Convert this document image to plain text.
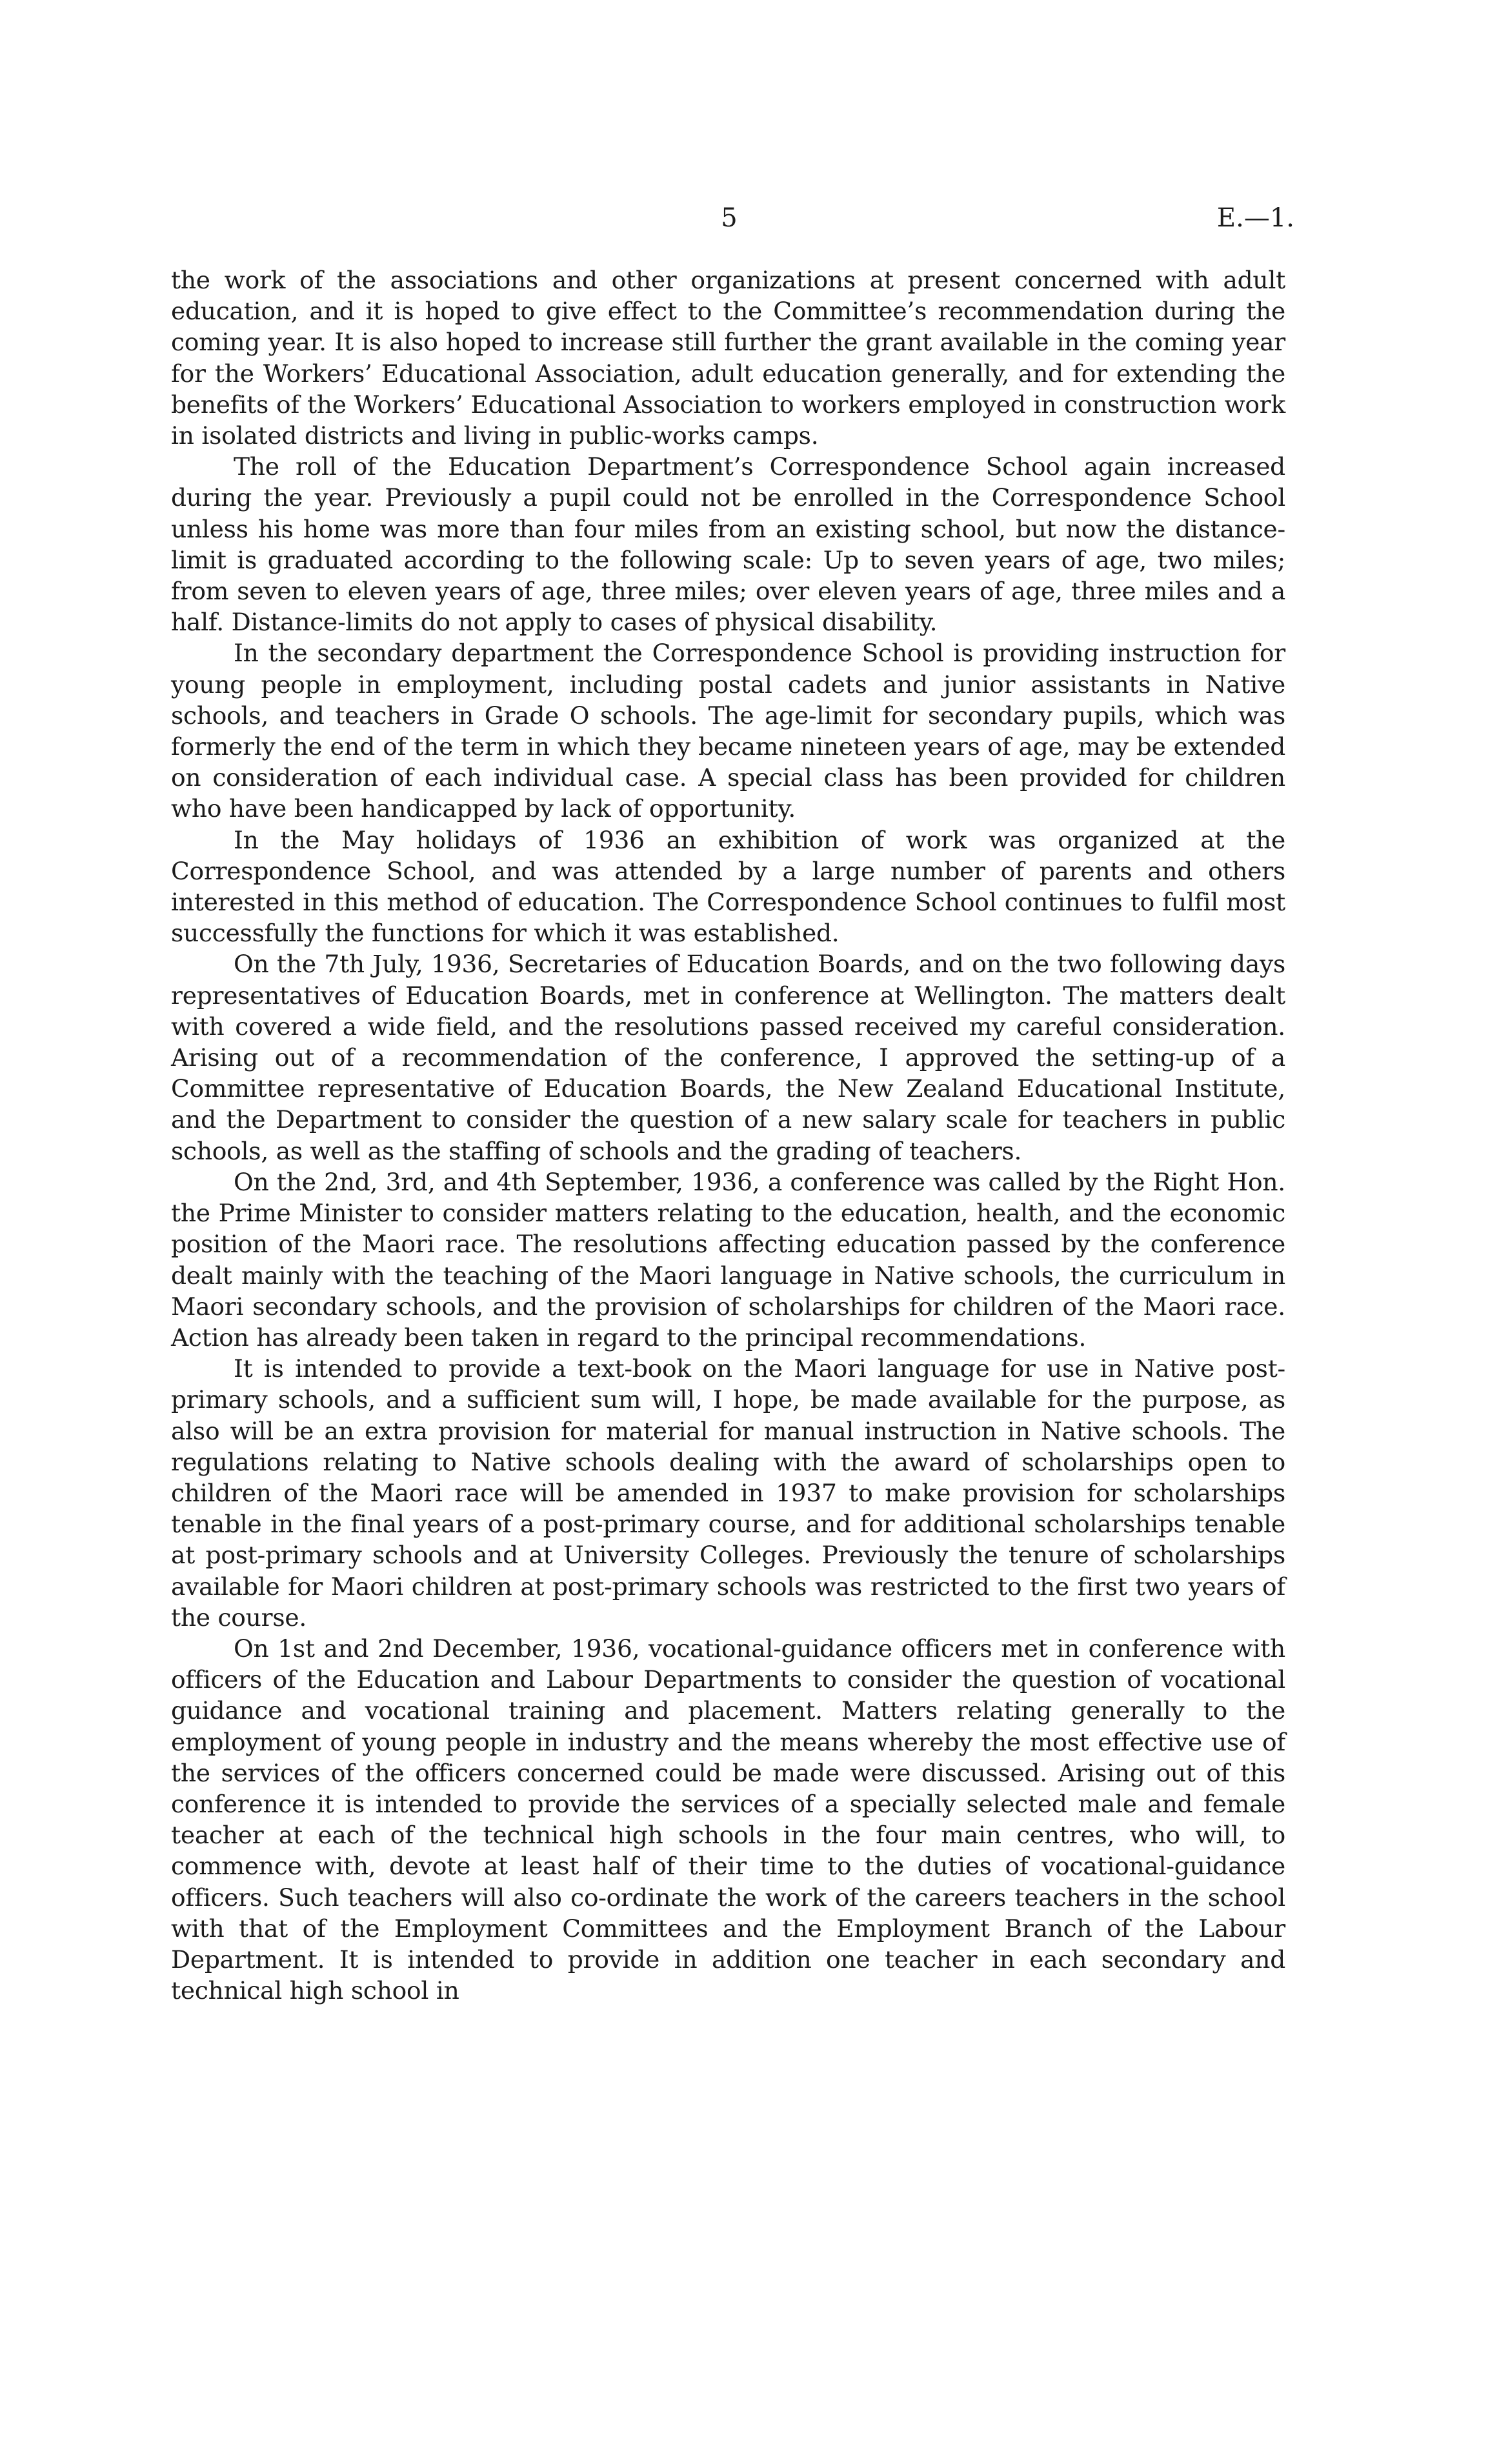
5	E.—1.

the work of the associations and other organizations at present concerned with adult education, and it is hoped to give effect to the Committee’s recommendation during the coming year. It is also hoped to increase still further the grant available in the coming year for the Workers’ Educational Association, adult education generally, and for extending the benefits of the Workers’ Educational Association to workers employed in construction work in isolated districts and living in public-works camps.

The roll of the Education Department’s Correspondence School again increased during the year. Previously a pupil could not be enrolled in the Correspondence School unless his home was more than four miles from an existing school, but now the distance-limit is graduated according to the following scale: Up to seven years of age, two miles; from seven to eleven years of age, three miles; over eleven years of age, three miles and a half. Distance-limits do not apply to cases of physical disability.

In the secondary department the Correspondence School is providing instruction for young people in employment, including postal cadets and junior assistants in Native schools, and teachers in Grade O schools. The age-limit for secondary pupils, which was formerly the end of the term in which they became nineteen years of age, may be extended on consideration of each individual case. A special class has been provided for children who have been handicapped by lack of opportunity.

In the May holidays of 1936 an exhibition of work was organized at the Correspondence School, and was attended by a large number of parents and others interested in this method of education. The Correspondence School continues to fulfil most successfully the functions for which it was established.

On the 7th July, 1936, Secretaries of Education Boards, and on the two following days representatives of Education Boards, met in conference at Wellington. The matters dealt with covered a wide field, and the resolutions passed received my careful consideration. Arising out of a recommendation of the conference, I approved the setting-up of a Committee representative of Education Boards, the New Zealand Educational Institute, and the Department to consider the question of a new salary scale for teachers in public schools, as well as the staffing of schools and the grading of teachers.

On the 2nd, 3rd, and 4th September, 1936, a conference was called by the Right Hon. the Prime Minister to consider matters relating to the education, health, and the economic position of the Maori race. The resolutions affecting education passed by the conference dealt mainly with the teaching of the Maori language in Native schools, the curriculum in Maori secondary schools, and the provision of scholarships for children of the Maori race. Action has already been taken in regard to the principal recommendations.

It is intended to provide a text-book on the Maori language for use in Native post-primary schools, and a sufficient sum will, I hope, be made available for the purpose, as also will be an extra provision for material for manual instruction in Native schools. The regulations relating to Native schools dealing with the award of scholarships open to children of the Maori race will be amended in 1937 to make provision for scholarships tenable in the final years of a post-primary course, and for additional scholarships tenable at post-primary schools and at University Colleges. Previously the tenure of scholarships available for Maori children at post-primary schools was restricted to the first two years of the course.

On 1st and 2nd December, 1936, vocational-guidance officers met in conference with officers of the Education and Labour Departments to consider the question of vocational guidance and vocational training and placement. Matters relating generally to the employment of young people in industry and the means whereby the most effective use of the services of the officers concerned could be made were discussed. Arising out of this conference it is intended to provide the services of a specially selected male and female teacher at each of the technical high schools in the four main centres, who will, to commence with, devote at least half of their time to the duties of vocational-guidance officers. Such teachers will also co-ordinate the work of the careers teachers in the school with that of the Employment Committees and the Employment Branch of the Labour Department. It is intended to provide in addition one teacher in each secondary and technical high school in
